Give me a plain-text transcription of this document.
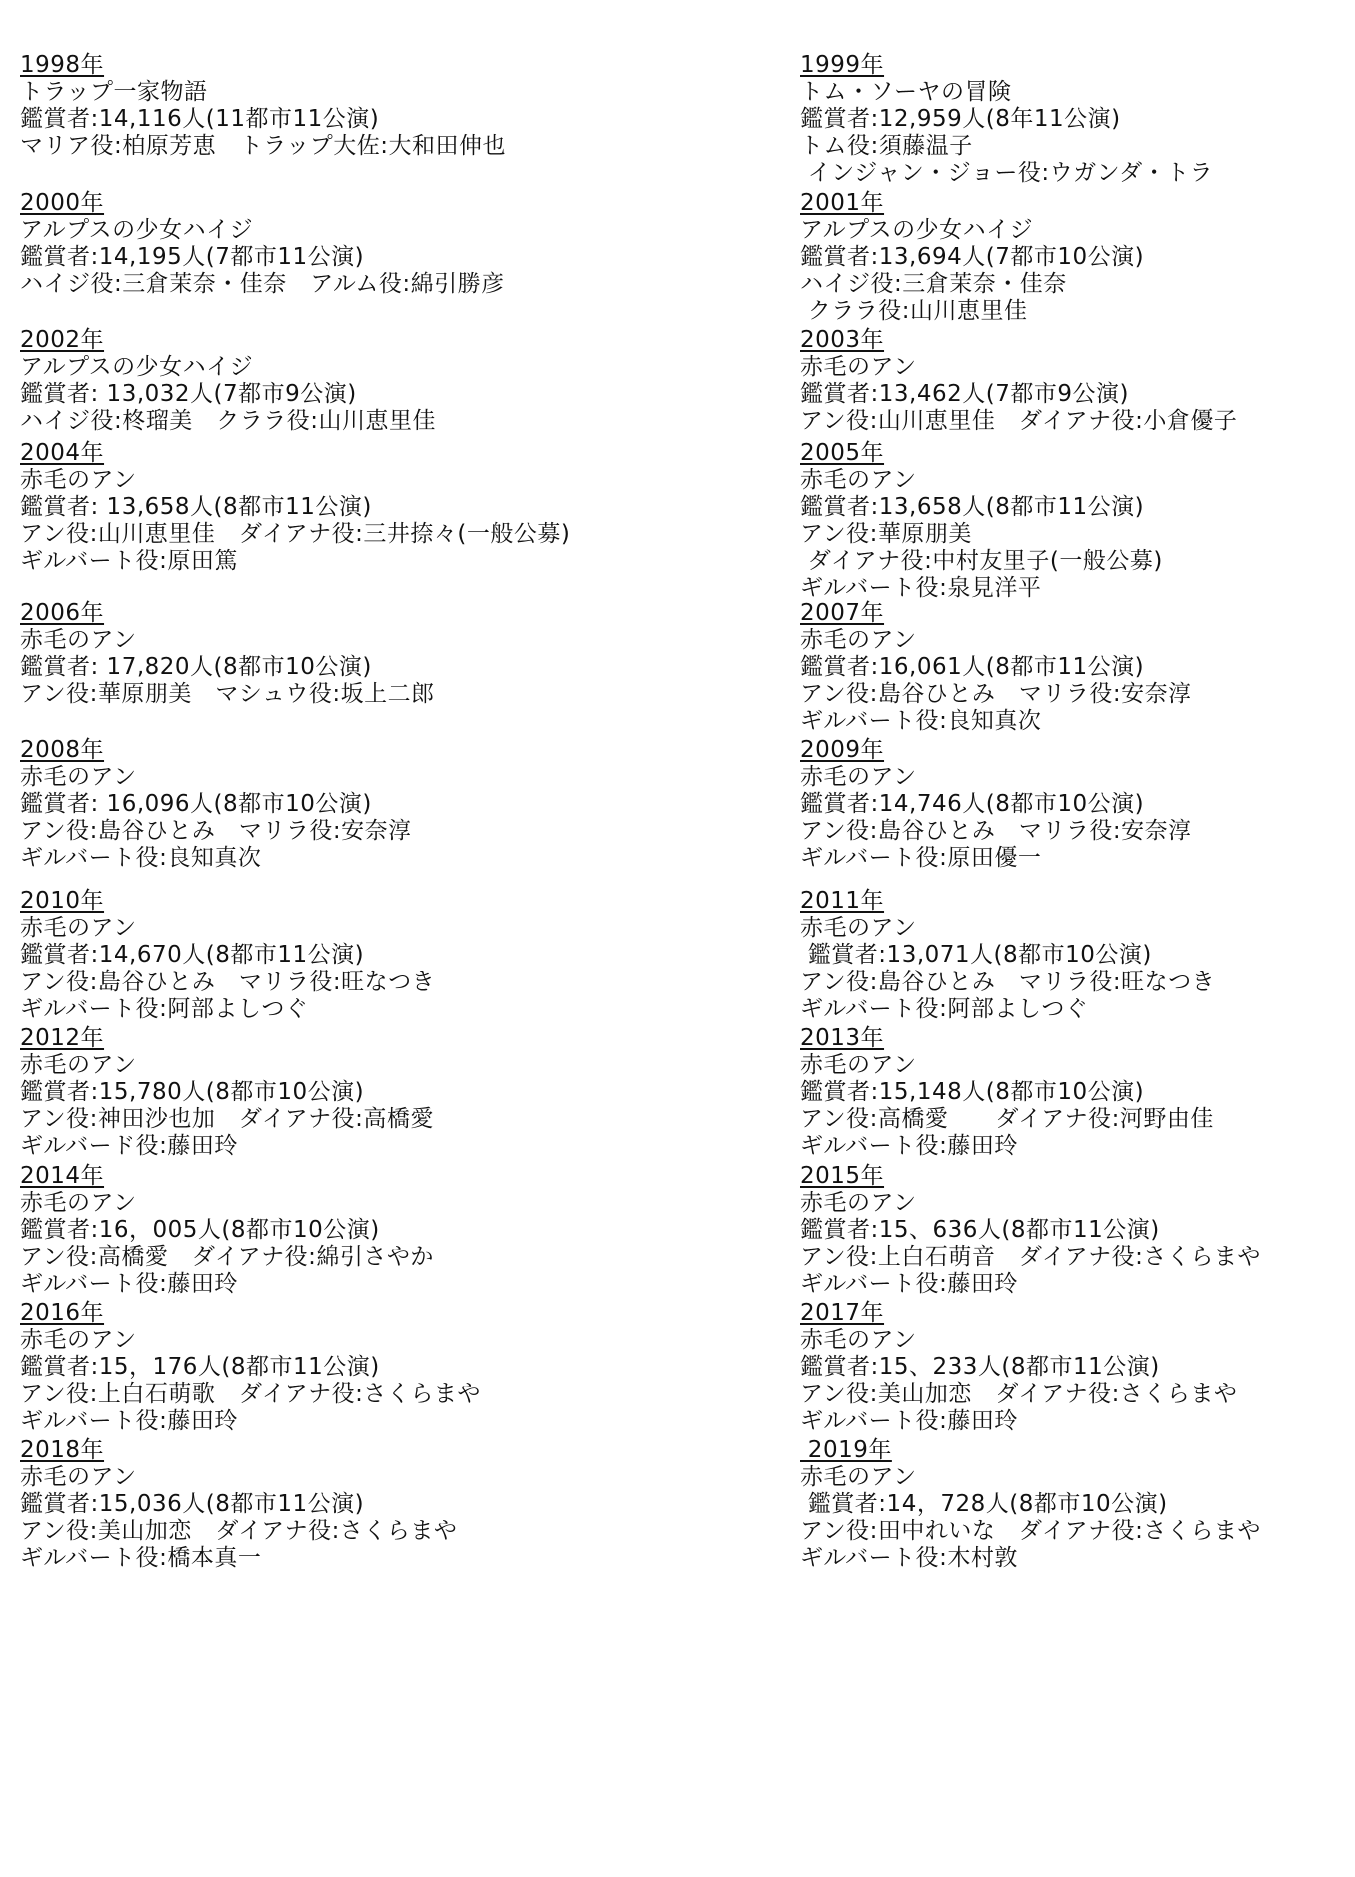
1998年
トラップ一家物語
鑑賞者:14,116人(11都市11公演)
マリア役:柏原芳恵　トラップ大佐:大和田伸也
2000年
アルプスの少女ハイジ
鑑賞者:14,195人(7都市11公演)
ハイジ役:三倉茉奈・佳奈　アルム役:綿引勝彦
2002年
アルプスの少女ハイジ
鑑賞者: 13,032人(7都市9公演)
ハイジ役:柊瑠美　クララ役:山川恵里佳
2004年
赤毛のアン
鑑賞者: 13,658人(8都市11公演)
アン役:山川恵里佳　ダイアナ役:三井捺々(一般公募)
ギルバート役:原田篤
2006年
赤毛のアン
鑑賞者: 17,820人(8都市10公演)
アン役:華原朋美　マシュウ役:坂上二郎
2008年
赤毛のアン
鑑賞者: 16,096人(8都市10公演)
アン役:島谷ひとみ　マリラ役:安奈淳
ギルバート役:良知真次
2010年
赤毛のアン
鑑賞者:14,670人(8都市11公演)
アン役:島谷ひとみ　マリラ役:旺なつき
ギルバート役:阿部よしつぐ
2012年
赤毛のアン
鑑賞者:15,780人(8都市10公演)
アン役:神田沙也加　ダイアナ役:高橋愛
ギルバード役:藤田玲
2014年
赤毛のアン
鑑賞者:16，005人(8都市10公演)
アン役:高橋愛　ダイアナ役:綿引さやか
ギルバート役:藤田玲
2016年
赤毛のアン
鑑賞者:15，176人(8都市11公演)
アン役:上白石萌歌　ダイアナ役:さくらまや
ギルバート役:藤田玲
2018年
赤毛のアン
鑑賞者:15,036人(8都市11公演)
アン役:美山加恋　ダイアナ役:さくらまや
ギルバート役:橋本真一
1999年
トム・ソーヤの冒険
鑑賞者:12,959人(8年11公演)
トム役:須藤温子
インジャン・ジョー役:ウガンダ・トラ
2001年
アルプスの少女ハイジ
鑑賞者:13,694人(7都市10公演)
ハイジ役:三倉茉奈・佳奈
クララ役:山川恵里佳
2003年
赤毛のアン
鑑賞者:13,462人(7都市9公演)
アン役:山川恵里佳　ダイアナ役:小倉優子
2005年
赤毛のアン
鑑賞者:13,658人(8都市11公演)
アン役:華原朋美
ダイアナ役:中村友里子(一般公募)
ギルバート役:泉見洋平
2007年
赤毛のアン
鑑賞者:16,061人(8都市11公演)
アン役:島谷ひとみ　マリラ役:安奈淳
ギルバート役:良知真次
2009年
赤毛のアン
鑑賞者:14,746人(8都市10公演)
アン役:島谷ひとみ　マリラ役:安奈淳
ギルバート役:原田優一
2011年
赤毛のアン
鑑賞者:13,071人(8都市10公演)
アン役:島谷ひとみ　マリラ役:旺なつき
ギルバート役:阿部よしつぐ
2013年
赤毛のアン
鑑賞者:15,148人(8都市10公演)
アン役:高橋愛　　ダイアナ役:河野由佳
ギルバート役:藤田玲
2015年
赤毛のアン
鑑賞者:15、636人(8都市11公演)
アン役:上白石萌音　ダイアナ役:さくらまや
ギルバート役:藤田玲
2017年
赤毛のアン
鑑賞者:15、233人(8都市11公演)
アン役:美山加恋　ダイアナ役:さくらまや
ギルバート役:藤田玲
2019年
赤毛のアン
鑑賞者:14，728人(8都市10公演)
アン役:田中れいな　ダイアナ役:さくらまや
ギルバート役:木村敦
